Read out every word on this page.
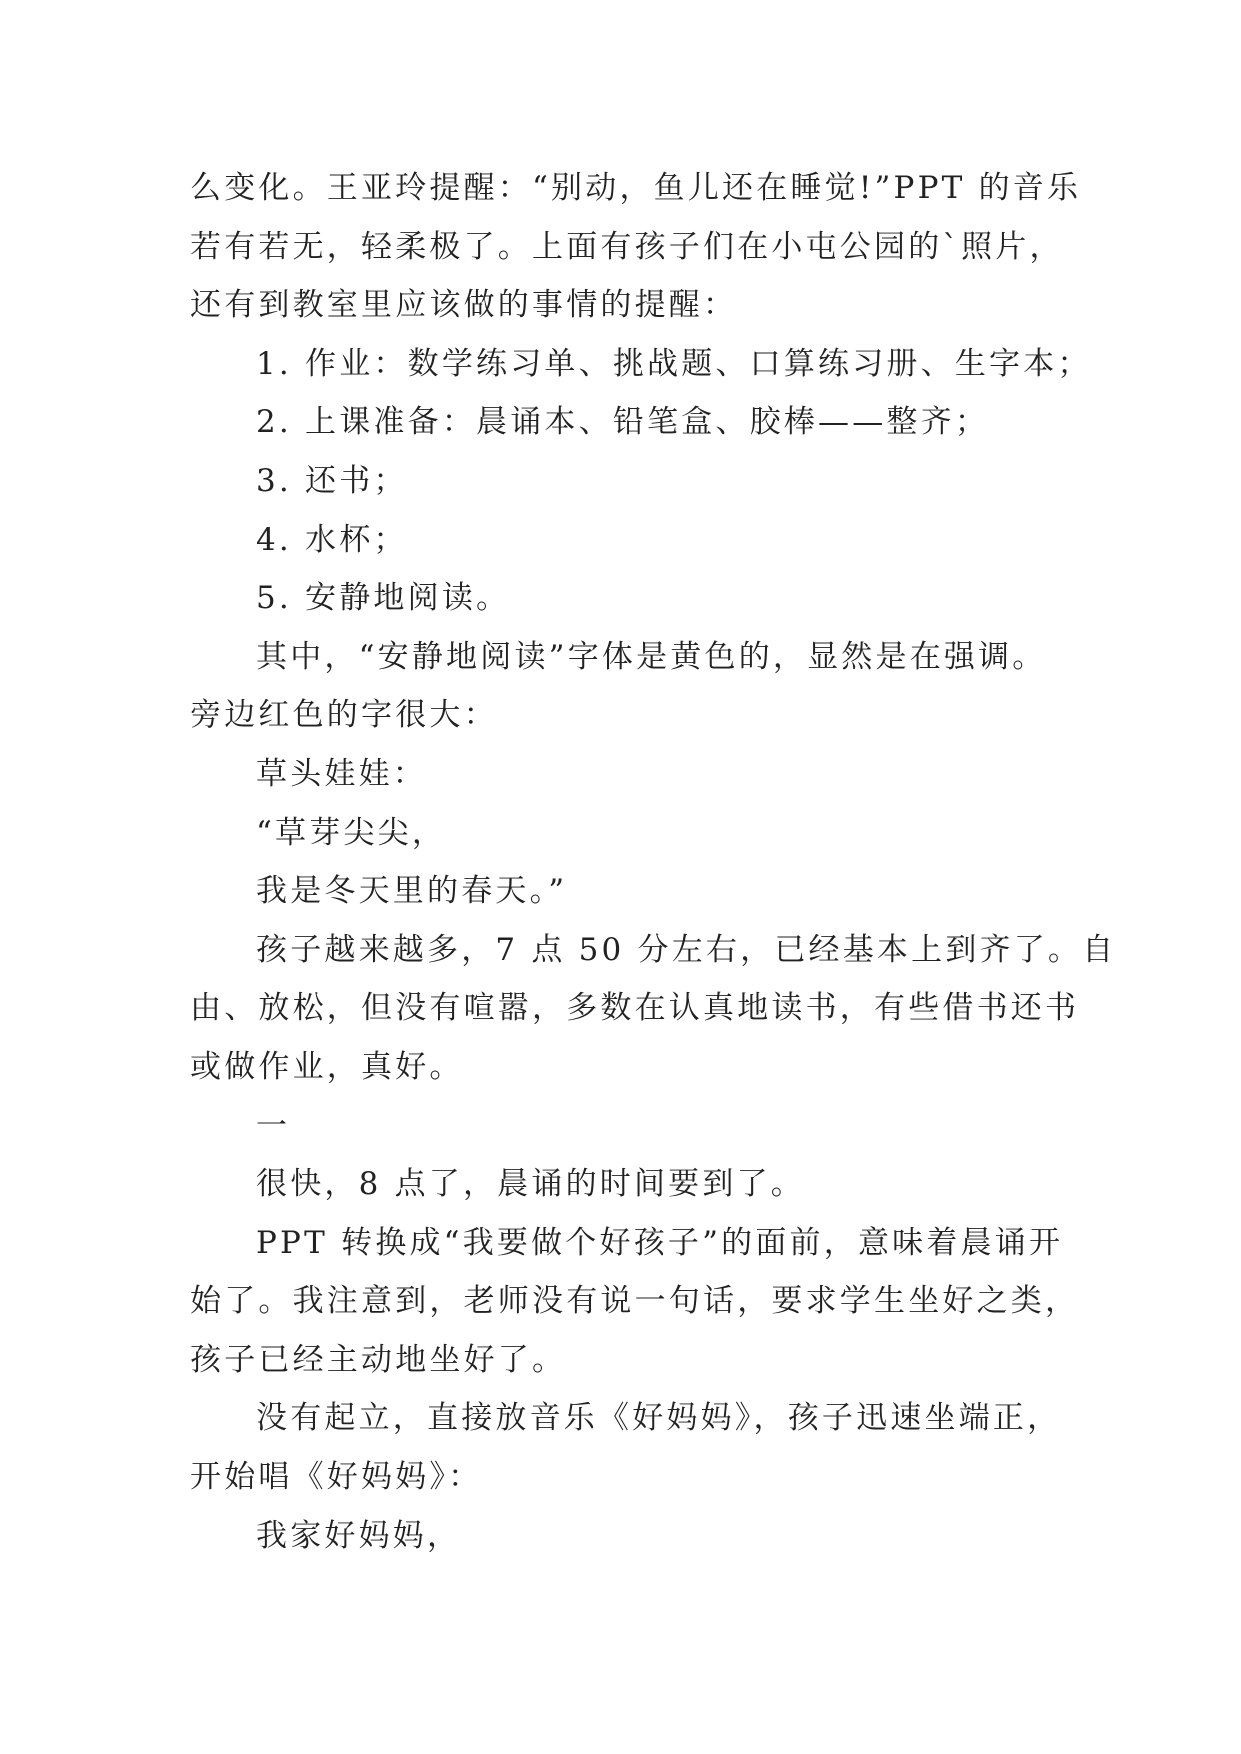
么变化。王亚玲提醒：“别动，鱼儿还在睡觉!”PPT 的音乐
若有若无，轻柔极了。上面有孩子们在小屯公园的`照片，
还有到教室里应该做的事情的提醒：
1. 作业：数学练习单、挑战题、口算练习册、生字本；
2. 上课准备：晨诵本、铅笔盒、胶棒——整齐；
3. 还书；
4. 水杯；
5. 安静地阅读。
其中，“安静地阅读”字体是黄色的，显然是在强调。
旁边红色的字很大：
草头娃娃：
“草芽尖尖，
我是冬天里的春天。”
孩子越来越多，7 点 50 分左右，已经基本上到齐了。自
由、放松，但没有喧嚣，多数在认真地读书，有些借书还书
或做作业，真好。
一
很快，8 点了，晨诵的时间要到了。
PPT 转换成“我要做个好孩子”的面前，意味着晨诵开
始了。我注意到，老师没有说一句话，要求学生坐好之类，
孩子已经主动地坐好了。
没有起立，直接放音乐《好妈妈》，孩子迅速坐端正，
开始唱《好妈妈》：
我家好妈妈，
